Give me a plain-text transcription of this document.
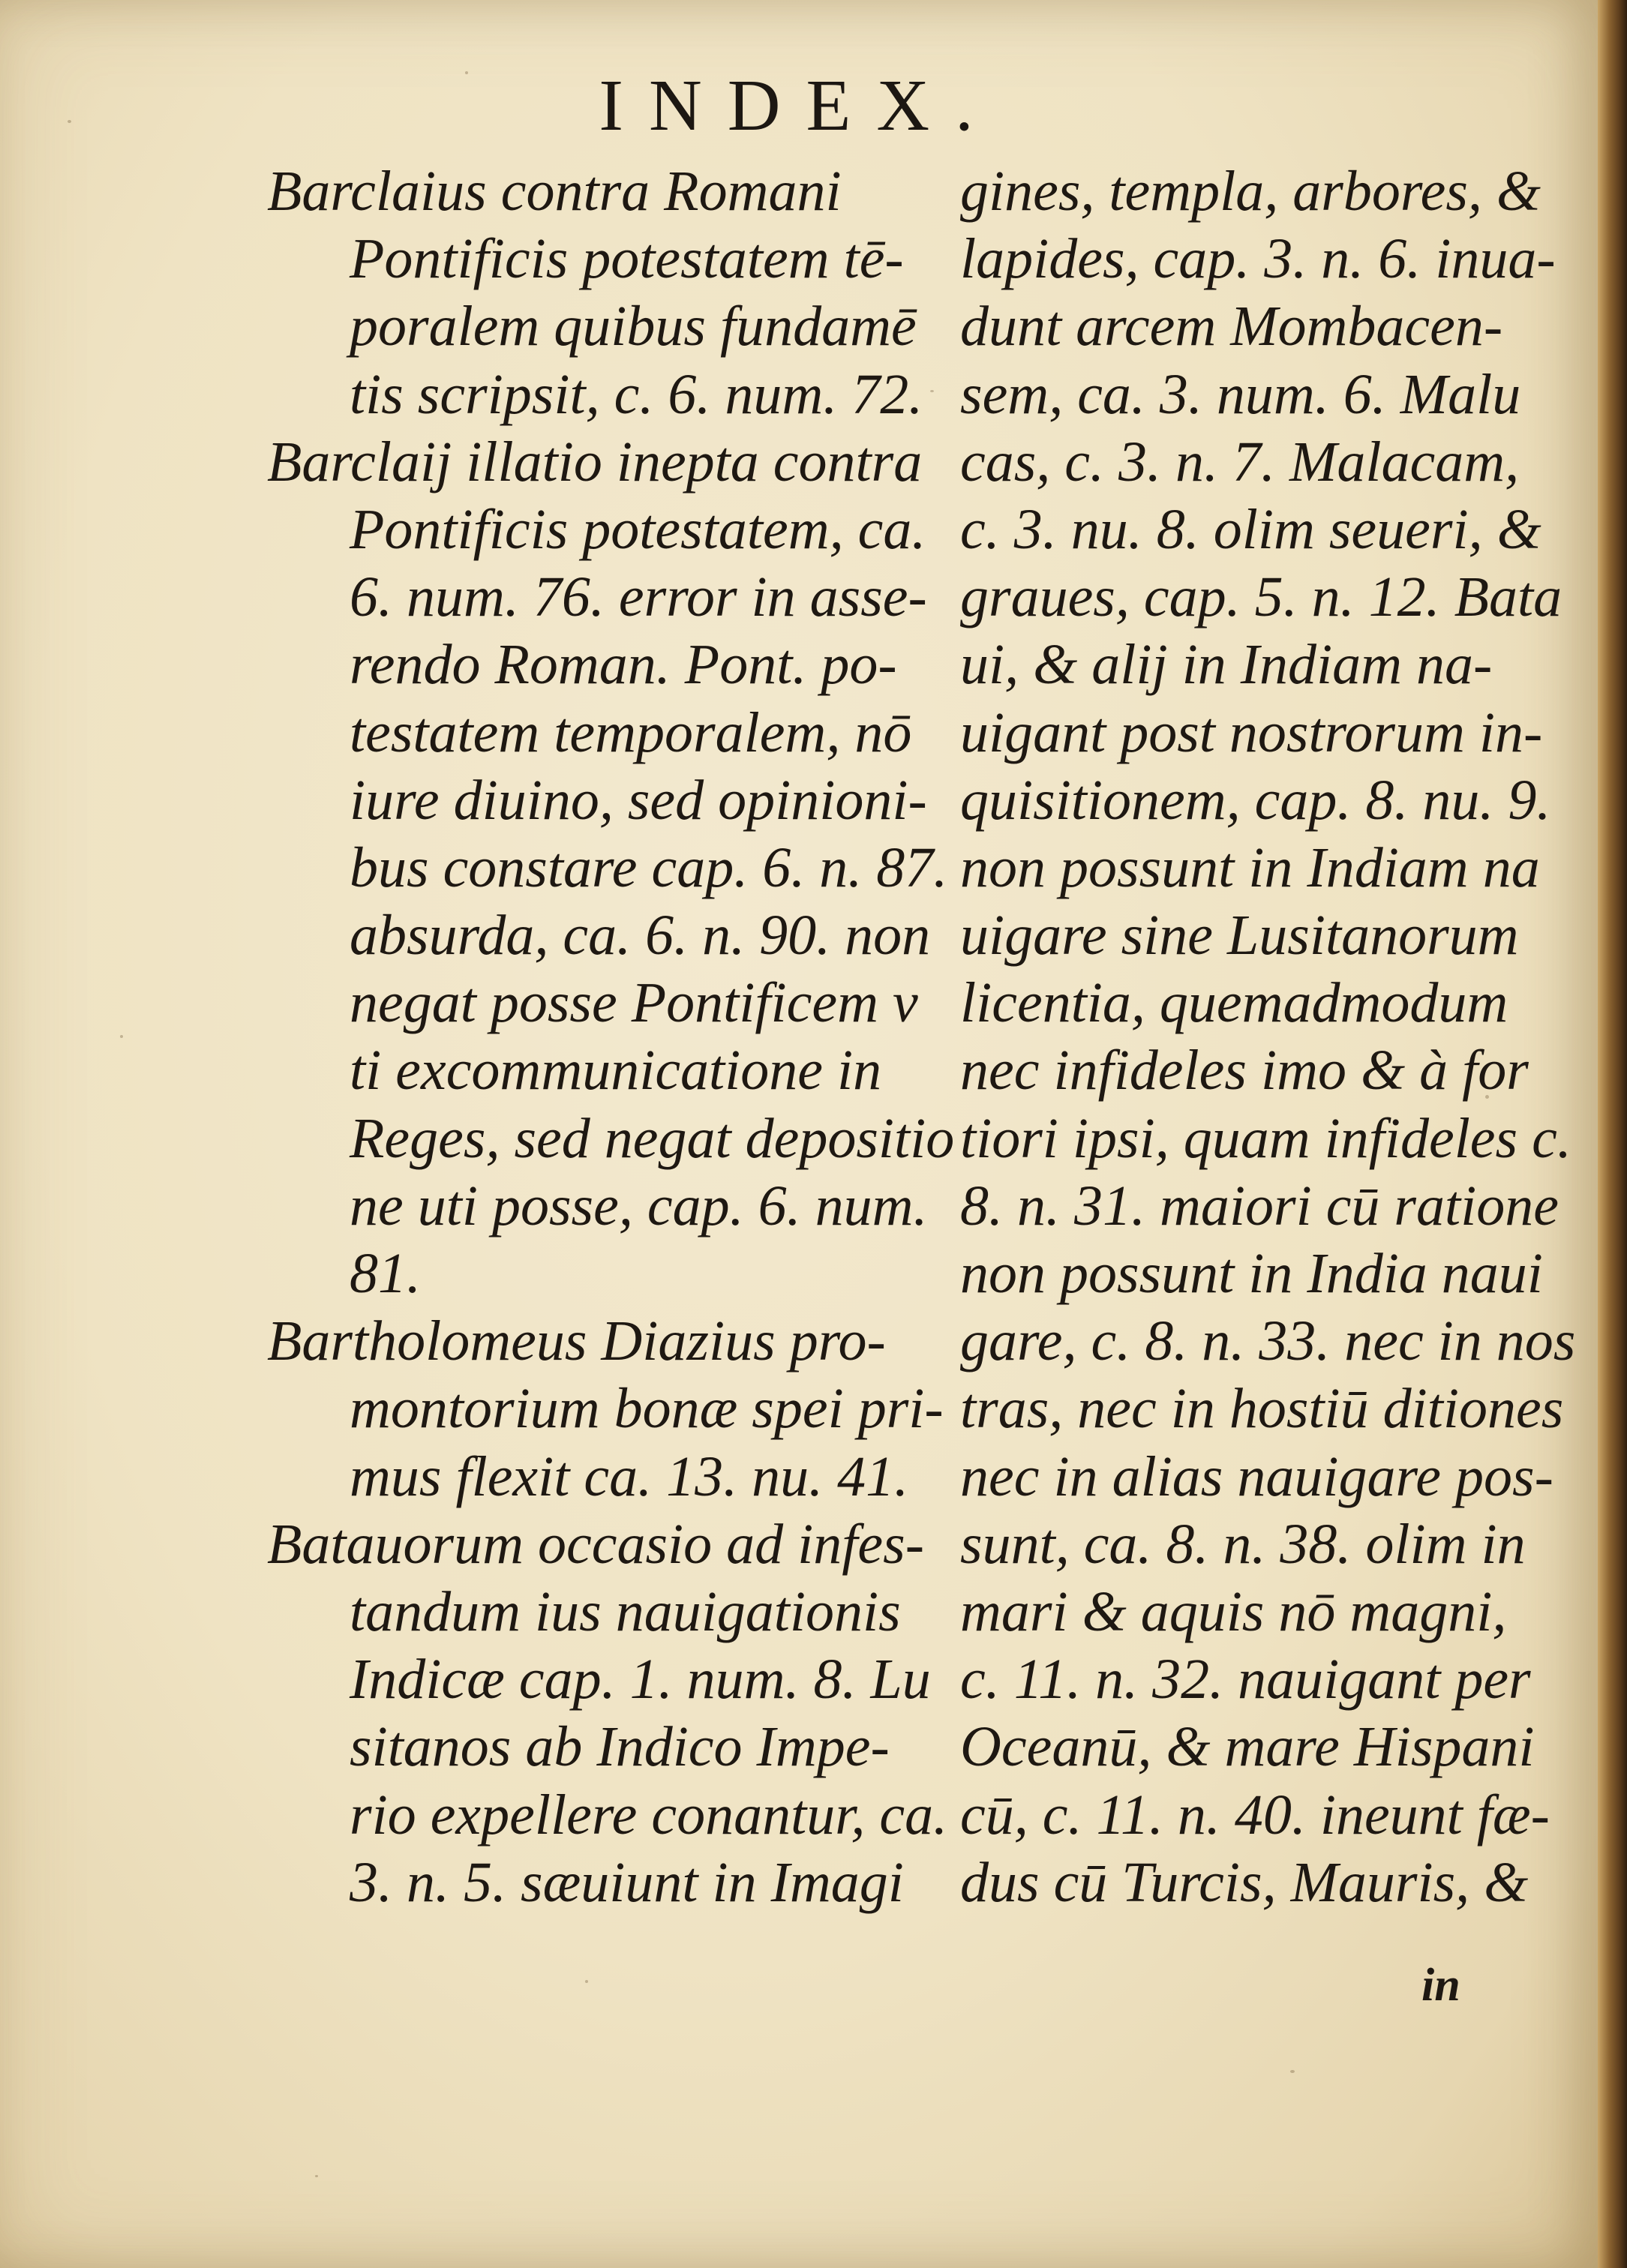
INDEX.
Barclaius contra Romani
Pontificis potestatem tē-
poralem quibus fundamē
tis scripsit, c. 6. num. 72.
Barclaij illatio inepta contra
Pontificis potestatem, ca.
6. num. 76. error in asse-
rendo Roman. Pont. po-
testatem temporalem, nō
iure diuino, sed opinioni-
bus constare cap. 6. n. 87.
absurda, ca. 6. n. 90. non
negat posse Pontificem v
ti excommunicatione in
Reges, sed negat depositio
ne uti posse, cap. 6. num.
81.
Bartholomeus Diazius pro-
montorium bonæ spei pri-
mus flexit ca. 13. nu. 41.
Batauorum occasio ad infes-
tandum ius nauigationis
Indicæ cap. 1. num. 8. Lu
sitanos ab Indico Impe-
rio expellere conantur, ca.
3. n. 5. sæuiunt in Imagi
gines, templa, arbores, &
lapides, cap. 3. n. 6. inua-
dunt arcem Mombacen-
sem, ca. 3. num. 6. Malu
cas, c. 3. n. 7. Malacam,
c. 3. nu. 8. olim seueri, &
graues, cap. 5. n. 12. Bata
ui, & alij in Indiam na-
uigant post nostrorum in-
quisitionem, cap. 8. nu. 9.
non possunt in Indiam na
uigare sine Lusitanorum
licentia, quemadmodum
nec infideles imo & à for
tiori ipsi, quam infideles c.
8. n. 31. maiori cū ratione
non possunt in India naui
gare, c. 8. n. 33. nec in nos
tras, nec in hostiū ditiones
nec in alias nauigare pos-
sunt, ca. 8. n. 38. olim in
mari & aquis nō magni,
c. 11. n. 32. nauigant per
Oceanū, & mare Hispani
cū, c. 11. n. 40. ineunt fæ-
dus cū Turcis, Mauris, &
in
